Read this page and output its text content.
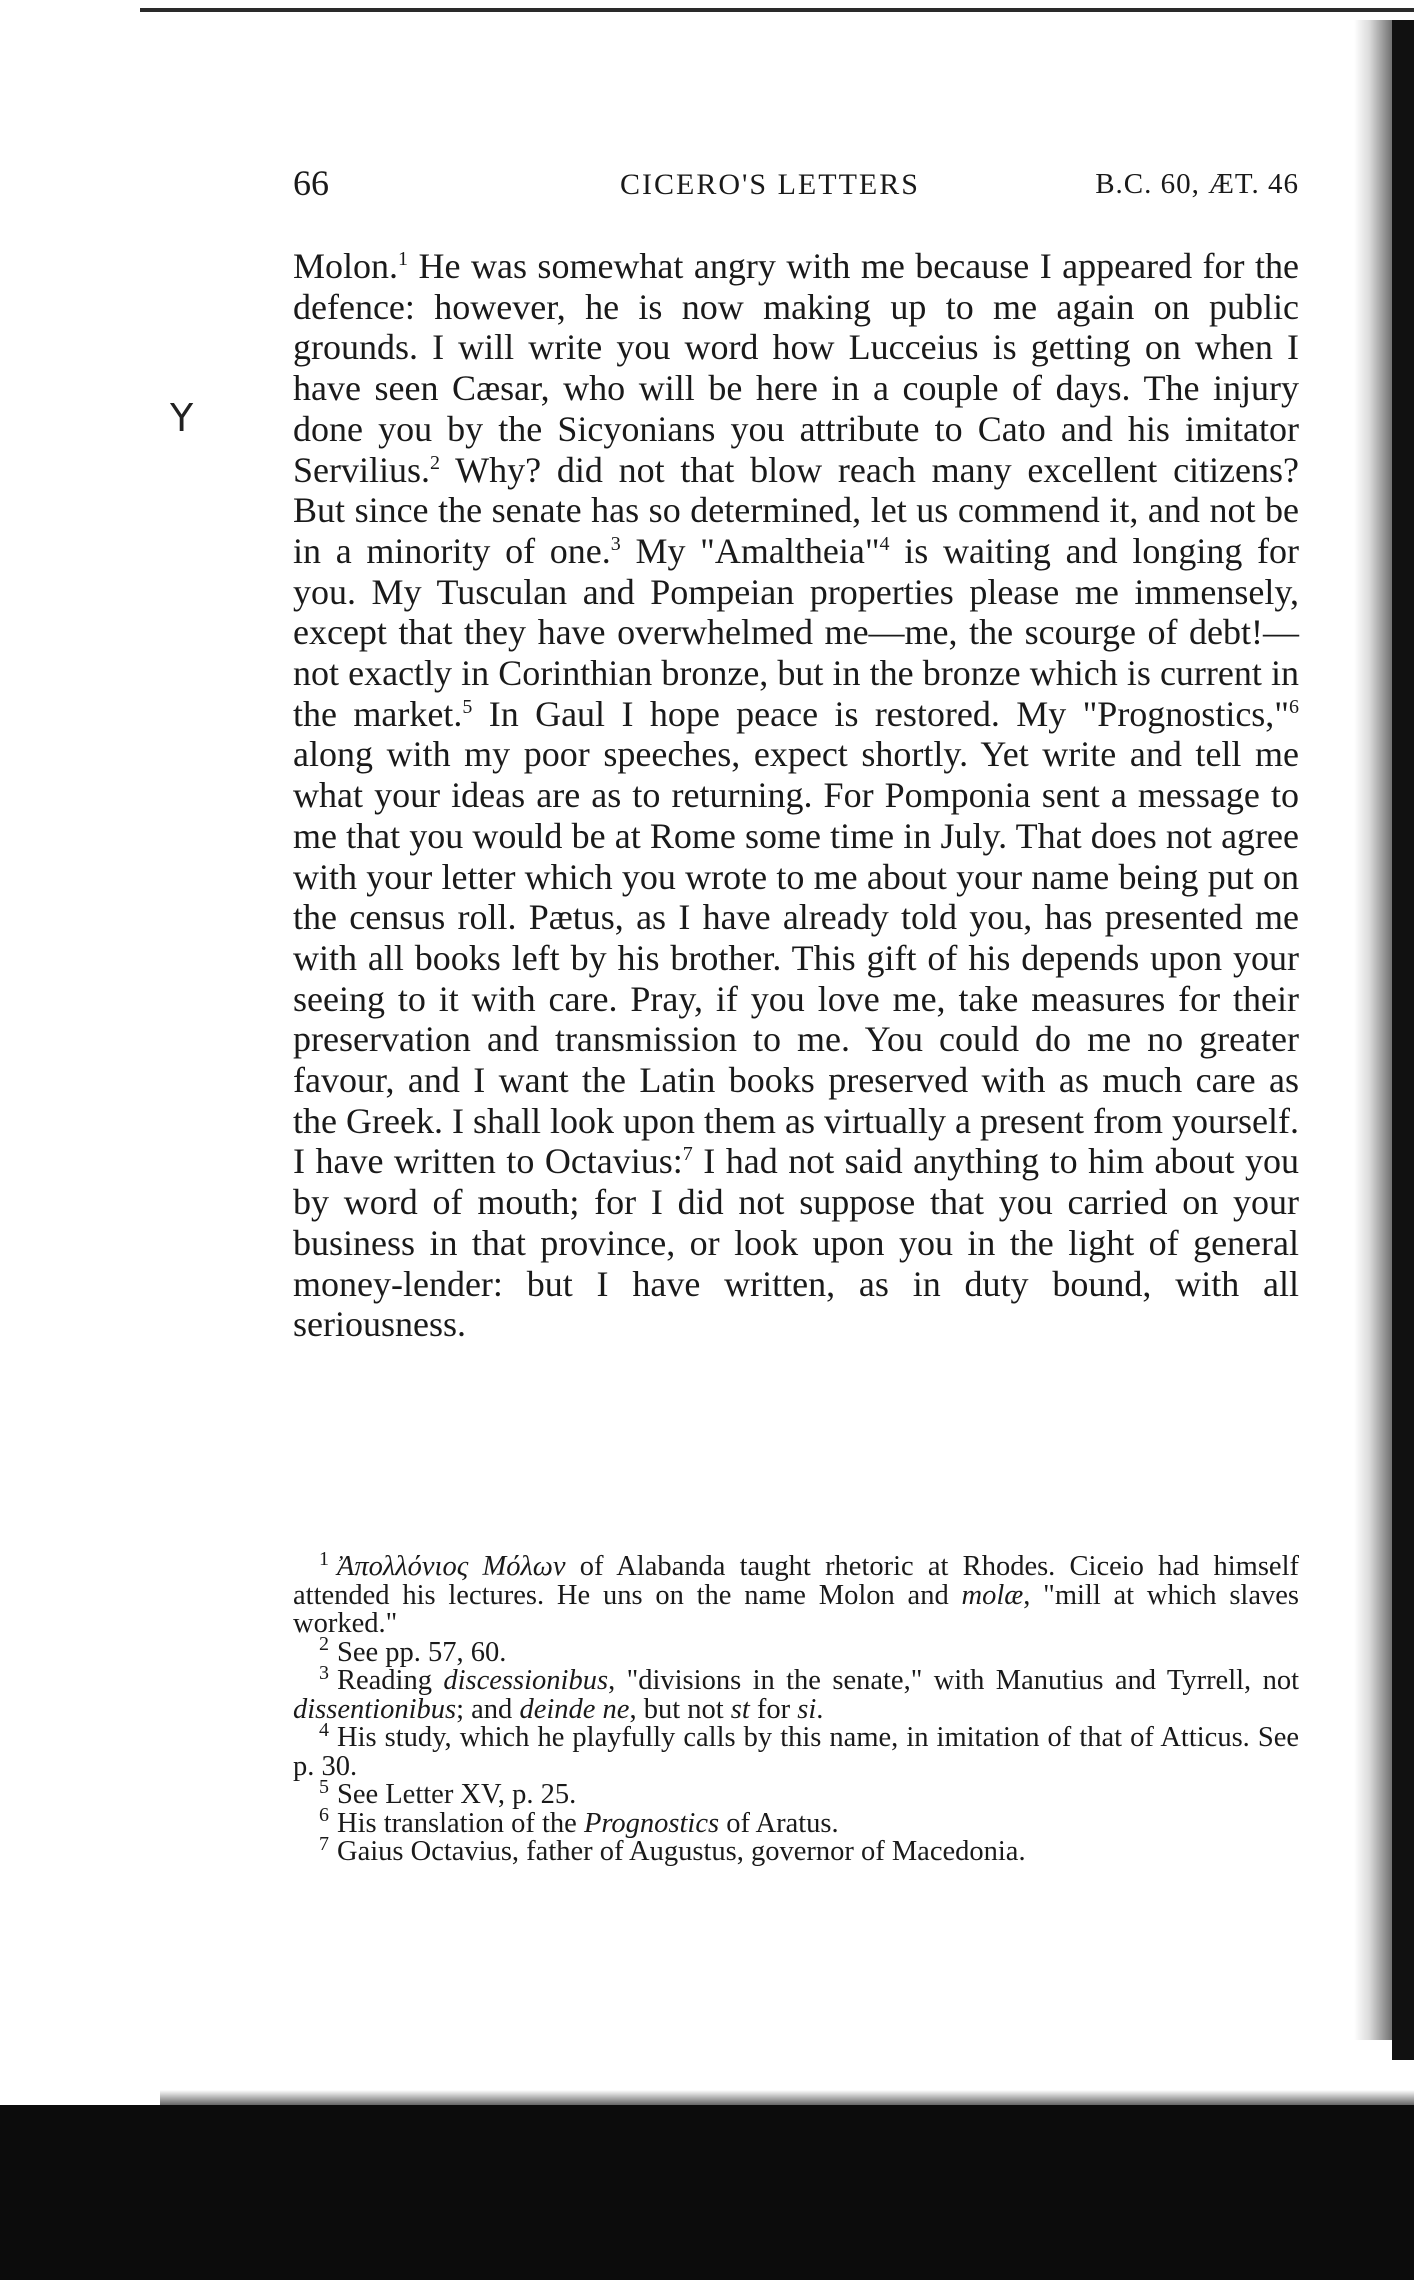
Y
66	CICERO'S LETTERS	B.C. 60, ÆT. 46

Molon.$^1$ He was somewhat angry with me because I appeared for the defence: however, he is now making up to me again on public grounds. I will write you word how Lucceius is getting on when I have seen Cæsar, who will be here in a couple of days. The injury done you by the Sicyonians you attribute to Cato and his imitator Servilius.$^2$ Why? did not that blow reach many excellent citizens? But since the senate has so determined, let us commend it, and not be in a minority of one.$^3$ My "Amaltheia"$^4$ is waiting and longing for you. My Tusculan and Pompeian properties please me immensely, except that they have overwhelmed me—me, the scourge of debt!—not exactly in Corinthian bronze, but in the bronze which is current in the market.$^5$ In Gaul I hope peace is restored. My "Prognostics,"$^6$ along with my poor speeches, expect shortly. Yet write and tell me what your ideas are as to returning. For Pomponia sent a message to me that you would be at Rome some time in July. That does not agree with your letter which you wrote to me about your name being put on the census roll. Pætus, as I have already told you, has presented me with all books left by his brother. This gift of his depends upon your seeing to it with care. Pray, if you love me, take measures for their preservation and transmission to me. You could do me no greater favour, and I want the Latin books preserved with as much care as the Greek. I shall look upon them as virtually a present from yourself. I have written to Octavius:$^7$ I had not said anything to him about you by word of mouth; for I did not suppose that you carried on your business in that province, or look upon you in the light of general money-lender: but I have written, as in duty bound, with all seriousness.

$^1$ Ἀπολλόνιος Μόλων of Alabanda taught rhetoric at Rhodes. Ciceio had himself attended his lectures. He uns on the name Molon and molæ, "mill at which slaves worked."

$^2$ See pp. 57, 60.

$^3$ Reading discessionibus, "divisions in the senate," with Manutius and Tyrrell, not dissentionibus; and deinde ne, but not st for si.

$^4$ His study, which he playfully calls by this name, in imitation of that of Atticus. See p. 30.

$^5$ See Letter XV, p. 25.

$^6$ His translation of the Prognostics of Aratus.

$^7$ Gaius Octavius, father of Augustus, governor of Macedonia.
